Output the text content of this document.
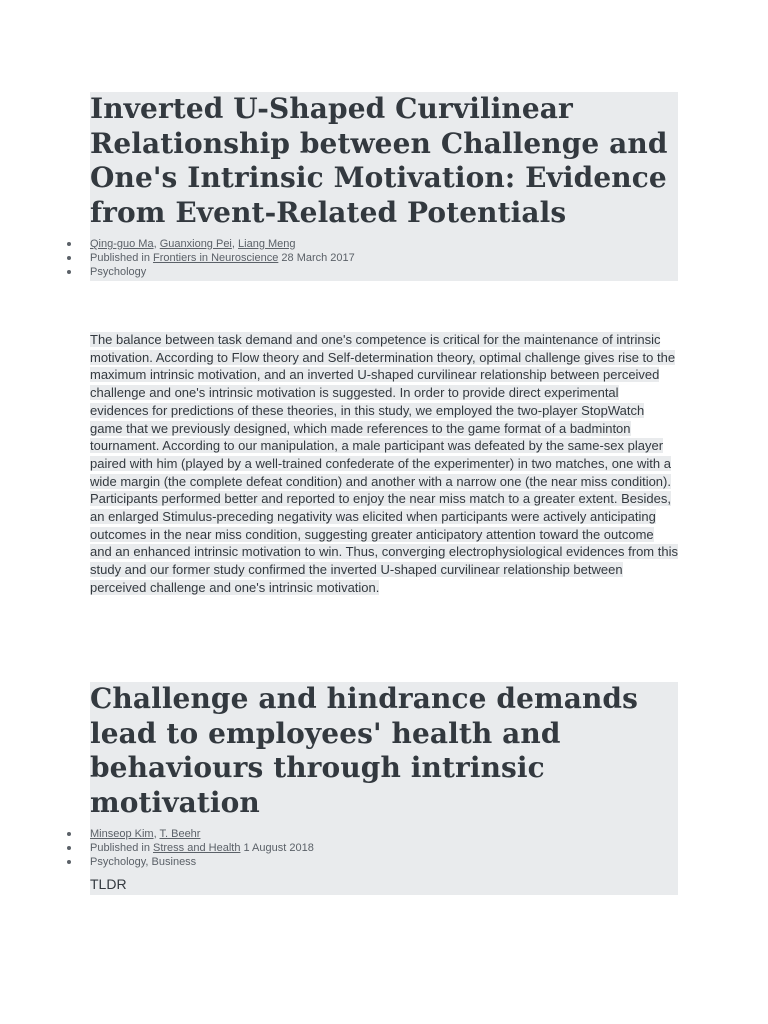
Inverted U-Shaped Curvilinear Relationship between Challenge and One's Intrinsic Motivation: Evidence from Event-Related Potentials
Qing-guo Ma, Guanxiong Pei, Liang Meng
Published in Frontiers in Neuroscience 28 March 2017
Psychology

The balance between task demand and one's competence is critical for the maintenance of intrinsic motivation. According to Flow theory and Self-determination theory, optimal challenge gives rise to the maximum intrinsic motivation, and an inverted U-shaped curvilinear relationship between perceived challenge and one's intrinsic motivation is suggested. In order to provide direct experimental evidences for predictions of these theories, in this study, we employed the two-player StopWatch game that we previously designed, which made references to the game format of a badminton tournament. According to our manipulation, a male participant was defeated by the same-sex player paired with him (played by a well-trained confederate of the experimenter) in two matches, one with a wide margin (the complete defeat condition) and another with a narrow one (the near miss condition). Participants performed better and reported to enjoy the near miss match to a greater extent. Besides, an enlarged Stimulus-preceding negativity was elicited when participants were actively anticipating outcomes in the near miss condition, suggesting greater anticipatory attention toward the outcome and an enhanced intrinsic motivation to win. Thus, converging electrophysiological evidences from this study and our former study confirmed the inverted U-shaped curvilinear relationship between perceived challenge and one's intrinsic motivation.

Challenge and hindrance demands lead to employees' health and behaviours through intrinsic motivation
Minseop Kim, T. Beehr
Published in Stress and Health 1 August 2018
Psychology, Business
TLDR
